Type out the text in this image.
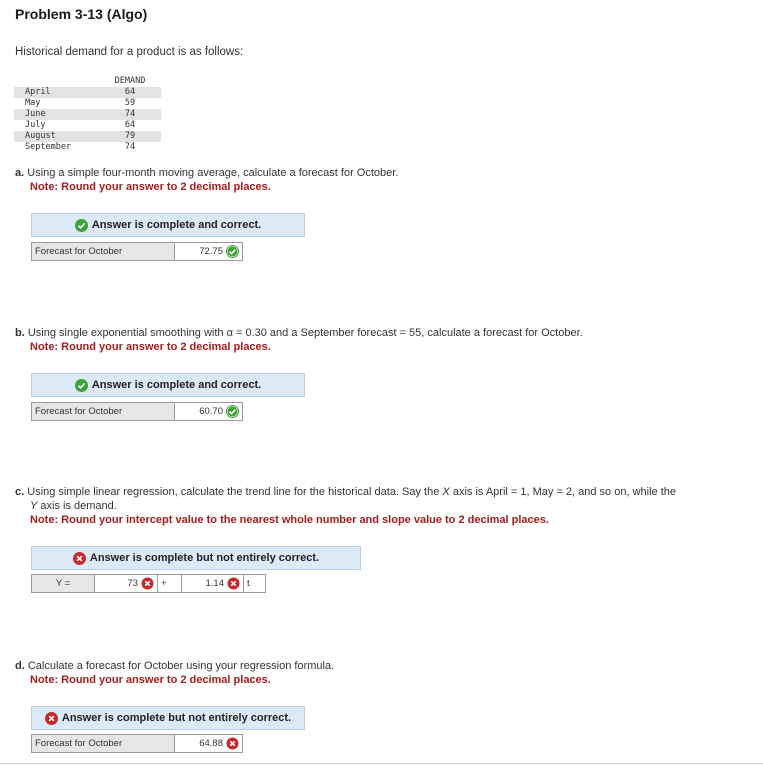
Problem 3-13 (Algo)
Historical demand for a product is as follows:
	DEMAND
April	64
May	59
June	74
July	64
August	79
September	74
a. Using a simple four-month moving average, calculate a forecast for October.
Note: Round your answer to 2 decimal places.
Answer is complete and correct.
Forecast for October	72.75
b. Using single exponential smoothing with α = 0.30 and a September forecast = 55, calculate a forecast for October.
Note: Round your answer to 2 decimal places.
Answer is complete and correct.
Forecast for October	60.70
c. Using simple linear regression, calculate the trend line for the historical data. Say the X axis is April = 1, May = 2, and so on, while the
Y axis is demand.
Note: Round your intercept value to the nearest whole number and slope value to 2 decimal places.
Answer is complete but not entirely correct.
Y =	73	+	1.14	t
d. Calculate a forecast for October using your regression formula.
Note: Round your answer to 2 decimal places.
Answer is complete but not entirely correct.
Forecast for October	64.88
